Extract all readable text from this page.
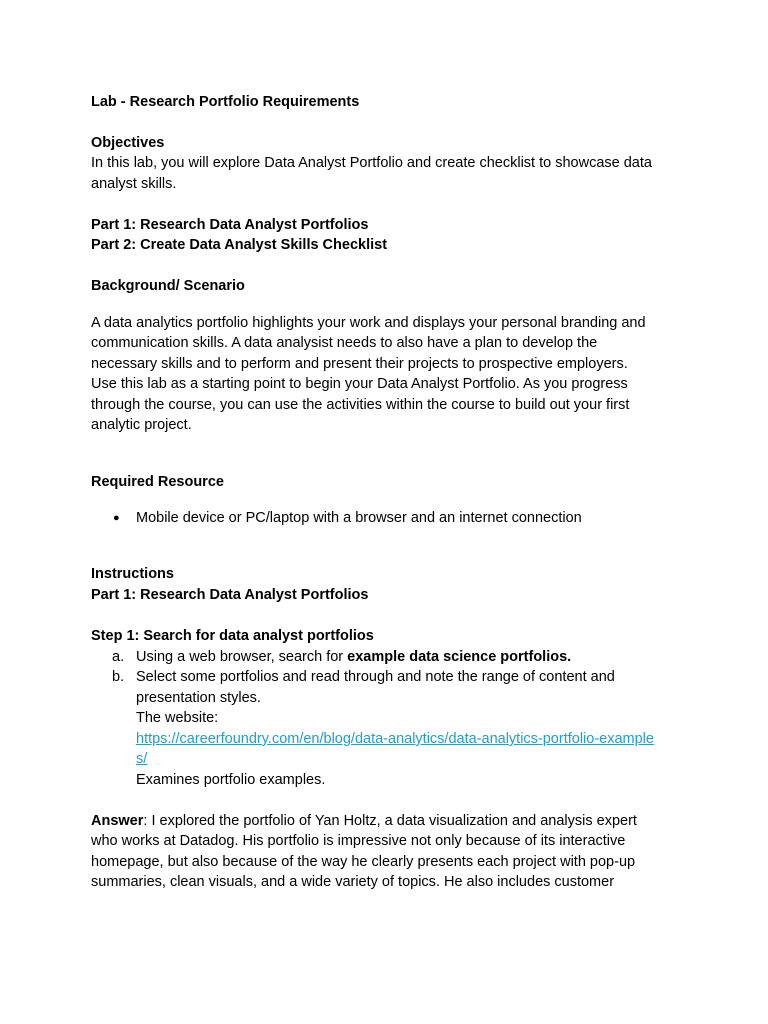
Lab - Research Portfolio Requirements
Objectives
In this lab, you will explore Data Analyst Portfolio and create checklist to showcase data
analyst skills.
Part 1: Research Data Analyst Portfolios
Part 2: Create Data Analyst Skills Checklist
Background/ Scenario
A data analytics portfolio highlights your work and displays your personal branding and
communication skills. A data analysist needs to also have a plan to develop the
necessary skills and to perform and present their projects to prospective employers.
Use this lab as a starting point to begin your Data Analyst Portfolio. As you progress
through the course, you can use the activities within the course to build out your first
analytic project.
Required Resource
● Mobile device or PC/laptop with a browser and an internet connection
Instructions
Part 1: Research Data Analyst Portfolios
Step 1: Search for data analyst portfolios
a. Using a web browser, search for example data science portfolios.
b. Select some portfolios and read through and note the range of content and
presentation styles.
The website:
https://careerfoundry.com/en/blog/data-analytics/data-analytics-portfolio-example
s/
Examines portfolio examples.
Answer: I explored the portfolio of Yan Holtz, a data visualization and analysis expert
who works at Datadog. His portfolio is impressive not only because of its interactive
homepage, but also because of the way he clearly presents each project with pop-up
summaries, clean visuals, and a wide variety of topics. He also includes customer
